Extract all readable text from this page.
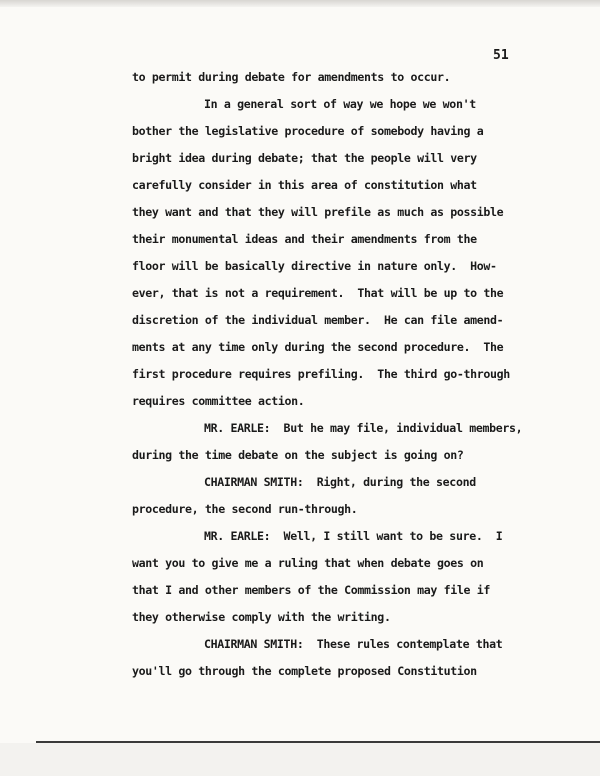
51
to permit during debate for amendments to occur.
In a general sort of way we hope we won't
bother the legislative procedure of somebody having a
bright idea during debate; that the people will very
carefully consider in this area of constitution what
they want and that they will prefile as much as possible
their monumental ideas and their amendments from the
floor will be basically directive in nature only.  How-
ever, that is not a requirement.  That will be up to the
discretion of the individual member.  He can file amend-
ments at any time only during the second procedure.  The
first procedure requires prefiling.  The third go-through
requires committee action.
MR. EARLE:  But he may file, individual members,
during the time debate on the subject is going on?
CHAIRMAN SMITH:  Right, during the second
procedure, the second run-through.
MR. EARLE:  Well, I still want to be sure.  I
want you to give me a ruling that when debate goes on
that I and other members of the Commission may file if
they otherwise comply with the writing.
CHAIRMAN SMITH:  These rules contemplate that
you'll go through the complete proposed Constitution
